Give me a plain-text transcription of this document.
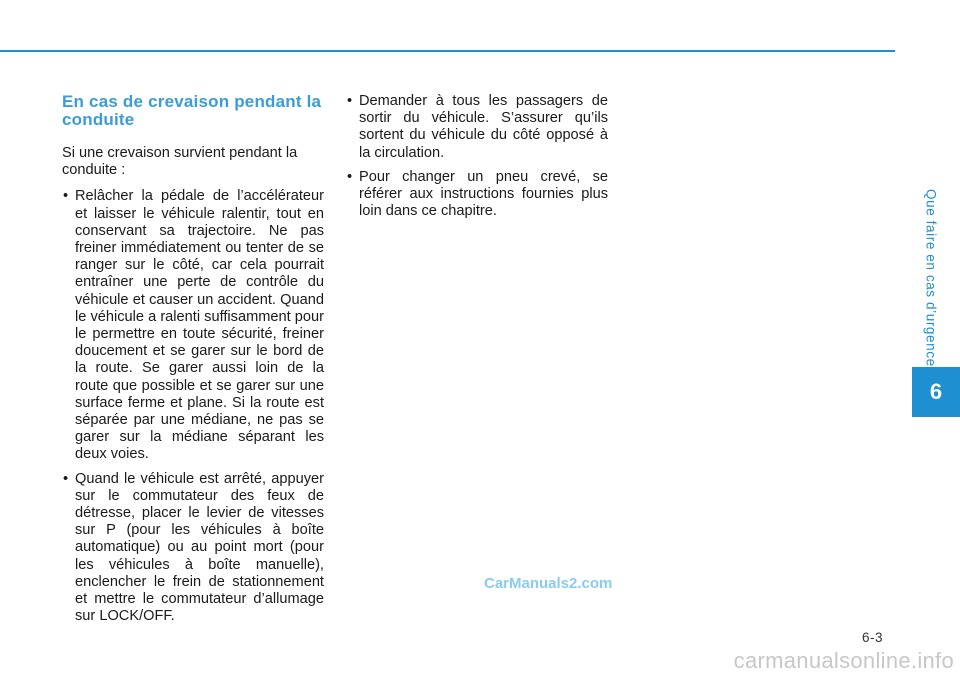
Que faire en cas d’urgence
6
En cas de crevaison pendant la conduite

Si une crevaison survient pendant la conduite :

• Relâcher la pédale de l’accélérateur et laisser le véhicule ralentir, tout en conservant sa trajectoire. Ne pas freiner immédiatement ou tenter de se ranger sur le côté, car cela pourrait entraîner une perte de contrôle du véhicule et causer un accident. Quand le véhicule a ralenti suffisamment pour le permettre en toute sécurité, freiner doucement et se garer sur le bord de la route. Se garer aussi loin de la route que possible et se garer sur une surface ferme et plane. Si la route est séparée par une médiane, ne pas se garer sur la médiane séparant les deux voies.
• Quand le véhicule est arrêté, appuyer sur le commutateur des feux de détresse, placer le levier de vitesses sur P (pour les véhicules à boîte automatique) ou au point mort (pour les véhicules à boîte manuelle), enclencher le frein de stationnement et mettre le commutateur d’allumage sur LOCK/OFF.
• Demander à tous les passagers de sortir du véhicule. S’assurer qu’ils sortent du véhicule du côté opposé à la circulation.
• Pour changer un pneu crevé, se référer aux instructions fournies plus loin dans ce chapitre.
CarManuals2.com
6-3
carmanualsonline.info
